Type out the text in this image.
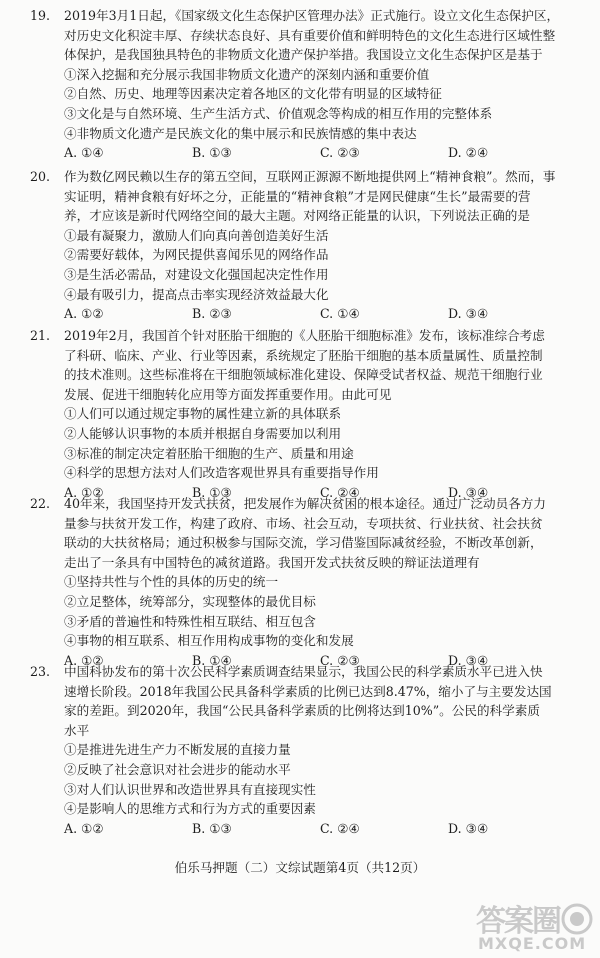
19. 2019年3月1日起，《国家级文化生态保护区管理办法》正式施行。设立文化生态保护区，
对历史文化积淀丰厚、存续状态良好、具有重要价值和鲜明特色的文化生态进行区域性整
体保护，是我国独具特色的非物质文化遗产保护举措。我国设立文化生态保护区是基于
①深入挖掘和充分展示我国非物质文化遗产的深刻内涵和重要价值
②自然、历史、地理等因素决定着各地区的文化带有明显的区域特征
③文化是与自然环境、生产生活方式、价值观念等构成的相互作用的完整体系
④非物质文化遗产是民族文化的集中展示和民族情感的集中表达
A. ①④	B. ①③	C. ②③	D. ②④
20. 作为数亿网民赖以生存的第五空间，互联网正源源不断地提供网上“精神食粮”。然而，事
实证明，精神食粮有好坏之分，正能量的“精神食粮”才是网民健康“生长”最需要的营
养，才应该是新时代网络空间的最大主题。对网络正能量的认识，下列说法正确的是
①最有凝聚力，激励人们向真向善创造美好生活
②需要好载体，为网民提供喜闻乐见的网络作品
③是生活必需品，对建设文化强国起决定性作用
④最有吸引力，提高点击率实现经济效益最大化
A. ①②	B. ②③	C. ①④	D. ③④
21. 2019年2月，我国首个针对胚胎干细胞的《人胚胎干细胞标准》发布，该标准综合考虑
了科研、临床、产业、行业等因素，系统规定了胚胎干细胞的基本质量属性、质量控制
的技术准则。这些标准将在干细胞领域标准化建设、保障受试者权益、规范干细胞行业
发展、促进干细胞转化应用等方面发挥重要作用。由此可见
①人们可以通过规定事物的属性建立新的具体联系
②人能够认识事物的本质并根据自身需要加以利用
③标准的制定决定着胚胎干细胞的生产、质量和用途
④科学的思想方法对人们改造客观世界具有重要指导作用
A. ①②	B. ①③	C. ②④	D. ③④
22. 40年来，我国坚持开发式扶贫，把发展作为解决贫困的根本途径。通过广泛动员各方力
量参与扶贫开发工作，构建了政府、市场、社会互动，专项扶贫、行业扶贫、社会扶贫
联动的大扶贫格局；通过积极参与国际交流，学习借鉴国际减贫经验，不断改革创新，
走出了一条具有中国特色的减贫道路。我国开发式扶贫反映的辩证法道理有
①坚持共性与个性的具体的历史的统一
②立足整体，统筹部分，实现整体的最优目标
③矛盾的普遍性和特殊性相互联结、相互包含
④事物的相互联系、相互作用构成事物的变化和发展
A. ①②	B. ①④	C. ②③	D. ③④
23. 中国科协发布的第十次公民科学素质调查结果显示，我国公民的科学素质水平已进入快
速增长阶段。2018年我国公民具备科学素质的比例已达到8.47%，缩小了与主要发达国
家的差距。到2020年，我国“公民具备科学素质的比例将达到10%”。公民的科学素质
水平
①是推进先进生产力不断发展的直接力量
②反映了社会意识对社会进步的能动水平
③对人们认识世界和改造世界具有直接现实性
④是影响人的思维方式和行为方式的重要因素
A. ①②	B. ①③	C. ②④	D. ③④
伯乐马押题（二）文综试题第4页（共12页）
答案圈
MXQE.COM
